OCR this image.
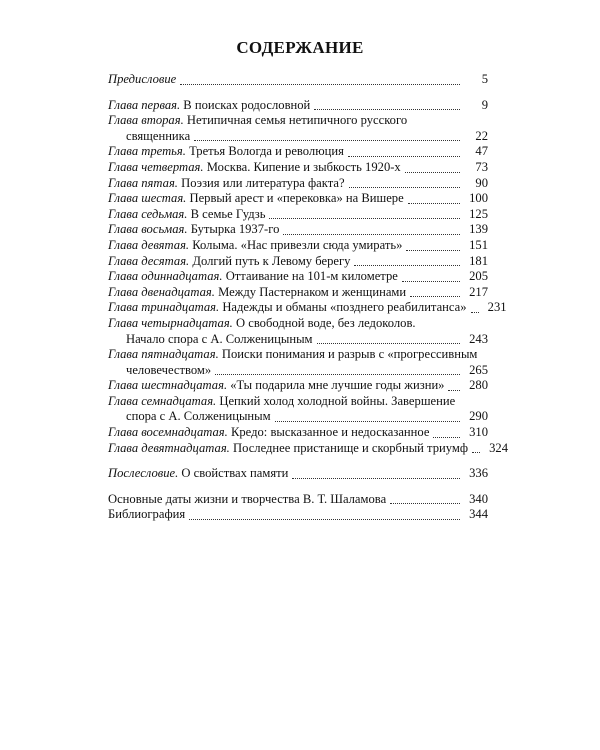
СОДЕРЖАНИЕ
Предисловие	5
Глава первая. В поисках родословной	9
Глава вторая. Нетипичная семья нетипичного русского
священника	22
Глава третья. Третья Вологда и революция	47
Глава четвертая. Москва. Кипение и зыбкость 1920-х	73
Глава пятая. Поэзия или литература факта?	90
Глава шестая. Первый арест и «перековка» на Вишере	100
Глава седьмая. В семье Гудзь	125
Глава восьмая. Бутырка 1937-го	139
Глава девятая. Колыма. «Нас привезли сюда умирать»	151
Глава десятая. Долгий путь к Левому берегу	181
Глава одиннадцатая. Оттаивание на 101-м километре	205
Глава двенадцатая. Между Пастернаком и женщинами	217
Глава тринадцатая. Надежды и обманы «позднего реабилитанса»	231
Глава четырнадцатая. О свободной воде, без ледоколов.
Начало спора с А. Солженицыным	243
Глава пятнадцатая. Поиски понимания и разрыв с «прогрессивным
человечеством»	265
Глава шестнадцатая. «Ты подарила мне лучшие годы жизни»	280
Глава семнадцатая. Цепкий холод холодной войны. Завершение
спора с А. Солженицыным	290
Глава восемнадцатая. Кредо: высказанное и недосказанное	310
Глава девятнадцатая. Последнее пристанище и скорбный триумф	324
Послесловие. О свойствах памяти	336
Основные даты жизни и творчества В. Т. Шаламова	340
Библиография	344
